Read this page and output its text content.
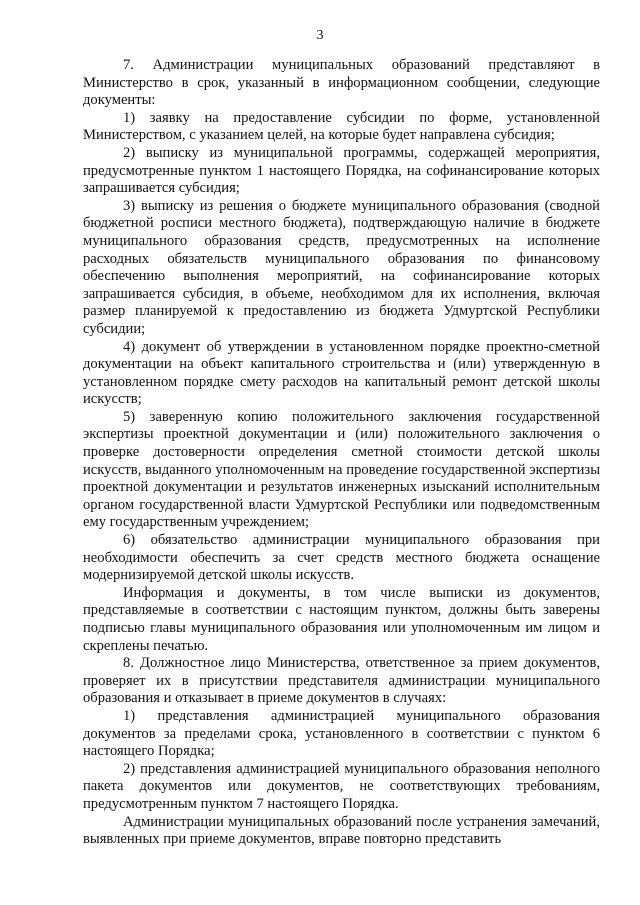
3

7. Администрации муниципальных образований представляют в Министерство в срок, указанный в информационном сообщении, следующие документы:

1) заявку на предоставление субсидии по форме, установленной Министерством, с указанием целей, на которые будет направлена субсидия;

2) выписку из муниципальной программы, содержащей мероприятия, предусмотренные пунктом 1 настоящего Порядка, на софинансирование которых запрашивается субсидия;

3) выписку из решения о бюджете муниципального образования (сводной бюджетной росписи местного бюджета), подтверждающую наличие в бюджете муниципального образования средств, предусмотренных на исполнение расходных обязательств муниципального образования по финансовому обеспечению выполнения мероприятий, на софинансирование которых запрашивается субсидия, в объеме, необходимом для их исполнения, включая размер планируемой к предоставлению из бюджета Удмуртской Республики субсидии;

4) документ об утверждении в установленном порядке проектно-сметной документации на объект капитального строительства и (или) утвержденную в установленном порядке смету расходов на капитальный ремонт детской школы искусств;

5) заверенную копию положительного заключения государственной экспертизы проектной документации и (или) положительного заключения о проверке достоверности определения сметной стоимости детской школы искусств, выданного уполномоченным на проведение государственной экспертизы проектной документации и результатов инженерных изысканий исполнительным органом государственной власти Удмуртской Республики или подведомственным ему государственным учреждением;

6) обязательство администрации муниципального образования при необходимости обеспечить за счет средств местного бюджета оснащение модернизируемой детской школы искусств.

Информация и документы, в том числе выписки из документов, представляемые в соответствии с настоящим пунктом, должны быть заверены подписью главы муниципального образования или уполномоченным им лицом и скреплены печатью.

8. Должностное лицо Министерства, ответственное за прием документов, проверяет их в присутствии представителя администрации муниципального образования и отказывает в приеме документов в случаях:

1) представления администрацией муниципального образования документов за пределами срока, установленного в соответствии с пунктом 6 настоящего Порядка;

2) представления администрацией муниципального образования неполного пакета документов или документов, не соответствующих требованиям, предусмотренным пунктом 7 настоящего Порядка.

Администрации муниципальных образований после устранения замечаний, выявленных при приеме документов, вправе повторно представить
